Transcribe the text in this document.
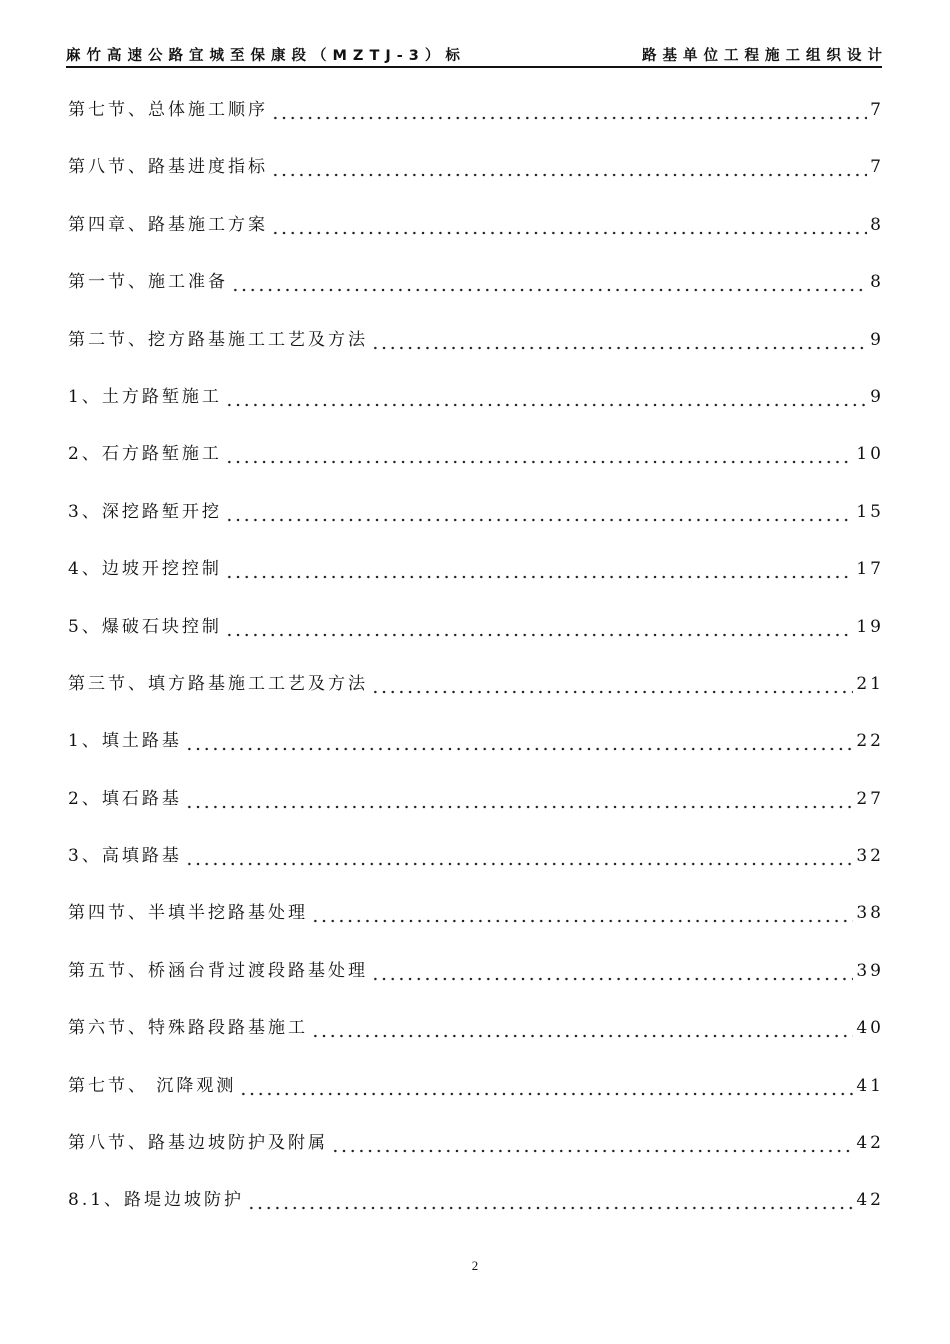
麻竹高速公路宜城至保康段（MZTJ-3）标	路基单位工程施工组织设计
第七节、总体施工顺序	7
第八节、路基进度指标	7
第四章、路基施工方案	8
第一节、施工准备	8
第二节、挖方路基施工工艺及方法	9
1、土方路堑施工	9
2、石方路堑施工	10
3、深挖路堑开挖	15
4、边坡开挖控制	17
5、爆破石块控制	19
第三节、填方路基施工工艺及方法	21
1、填土路基	22
2、填石路基	27
3、高填路基	32
第四节、半填半挖路基处理	38
第五节、桥涵台背过渡段路基处理	39
第六节、特殊路段路基施工	40
第七节、 沉降观测	41
第八节、路基边坡防护及附属	42
8.1、路堤边坡防护	42
2
